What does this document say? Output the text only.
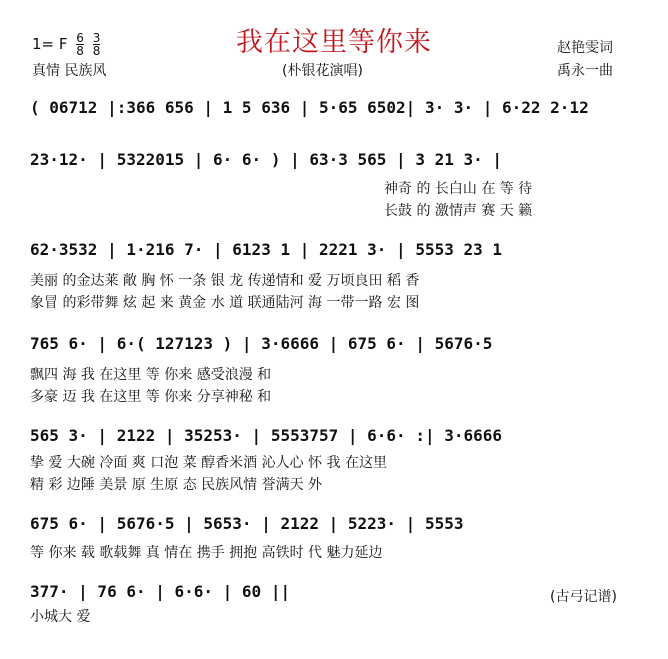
我在这里等你来
1= F $\frac{6}{8}$
$\frac{3}{8}$
真情 民族风	(朴银花演唱)
赵艳雯词
禹永一曲
( 06712 |:366 656 | 1 5 636 | 5·65 6502| 3· 3· | 6·22 2·12
23·12· | 5322015 | 6· 6· ) | 63·3 565 | 3 21 3· |
62·3532 | 1·216 7· | 6123 1 | 2221 3· | 5553 23 1
765 6· | 6·( 127123 ) | 3·6666 | 675 6· | 5676·5
565 3· | 2122 | 35253· | 5553757 | 6·6· :| 3·6666
675 6· | 5676·5 | 5653· | 2122 | 5223· | 5553
377· | 76 6· | 6·6· | 60 ||
神奇 的 长白山 在 等 待
长鼓 的 激情声 赛 天 籁
美丽 的金达莱 敞 胸 怀 一条 银 龙 传递情和 爱 万顷良田 稻 香
象冒 的彩带舞 炫 起 来 黄金 水 道 联通陆河 海 一带一路 宏 图
飘四 海 我 在这里 等 你来 感受浪漫 和
多豪 迈 我 在这里 等 你来 分享神秘 和
挚 爱 大碗 冷面 爽 口泡 菜 醇香米酒 沁人心 怀 我 在这里
精 彩 边陲 美景 原 生原 态 民族风情 誉满天 外
等 你来 载 歌载舞 真 情在 携手 拥抱 高铁时 代 魅力延边
小城大 爱
(古弓记谱)
